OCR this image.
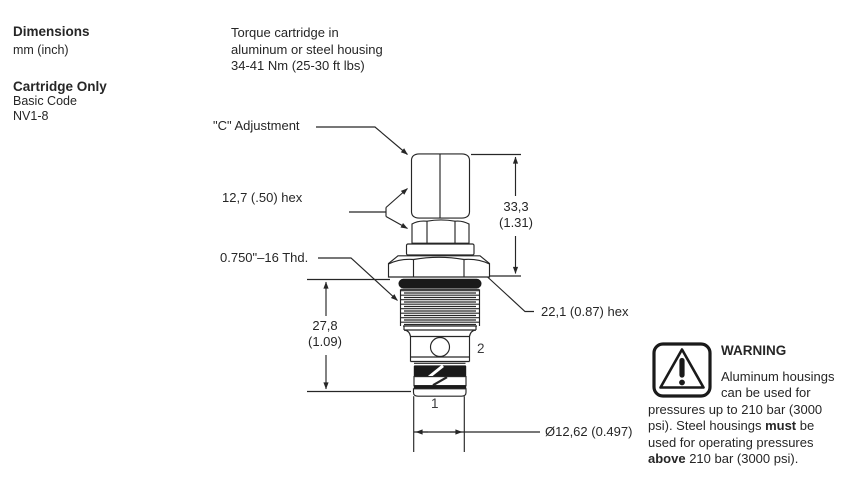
Dimensions
mm (inch)
Cartridge Only
Basic Code
NV1-8
Torque cartridge in
aluminum or steel housing
34-41 Nm (25-30 ft lbs)
"C" Adjustment
12,7 (.50) hex
0.750"–16 Thd.
22,1 (0.87) hex
Ø12,62 (0.497)
33,3
(1.31)
27,8
(1.09)	2
1
WARNING
Aluminum housings
can be used for
pressures up to 210 bar (3000
psi). Steel housings must be
used for operating pressures
above 210 bar (3000 psi).
